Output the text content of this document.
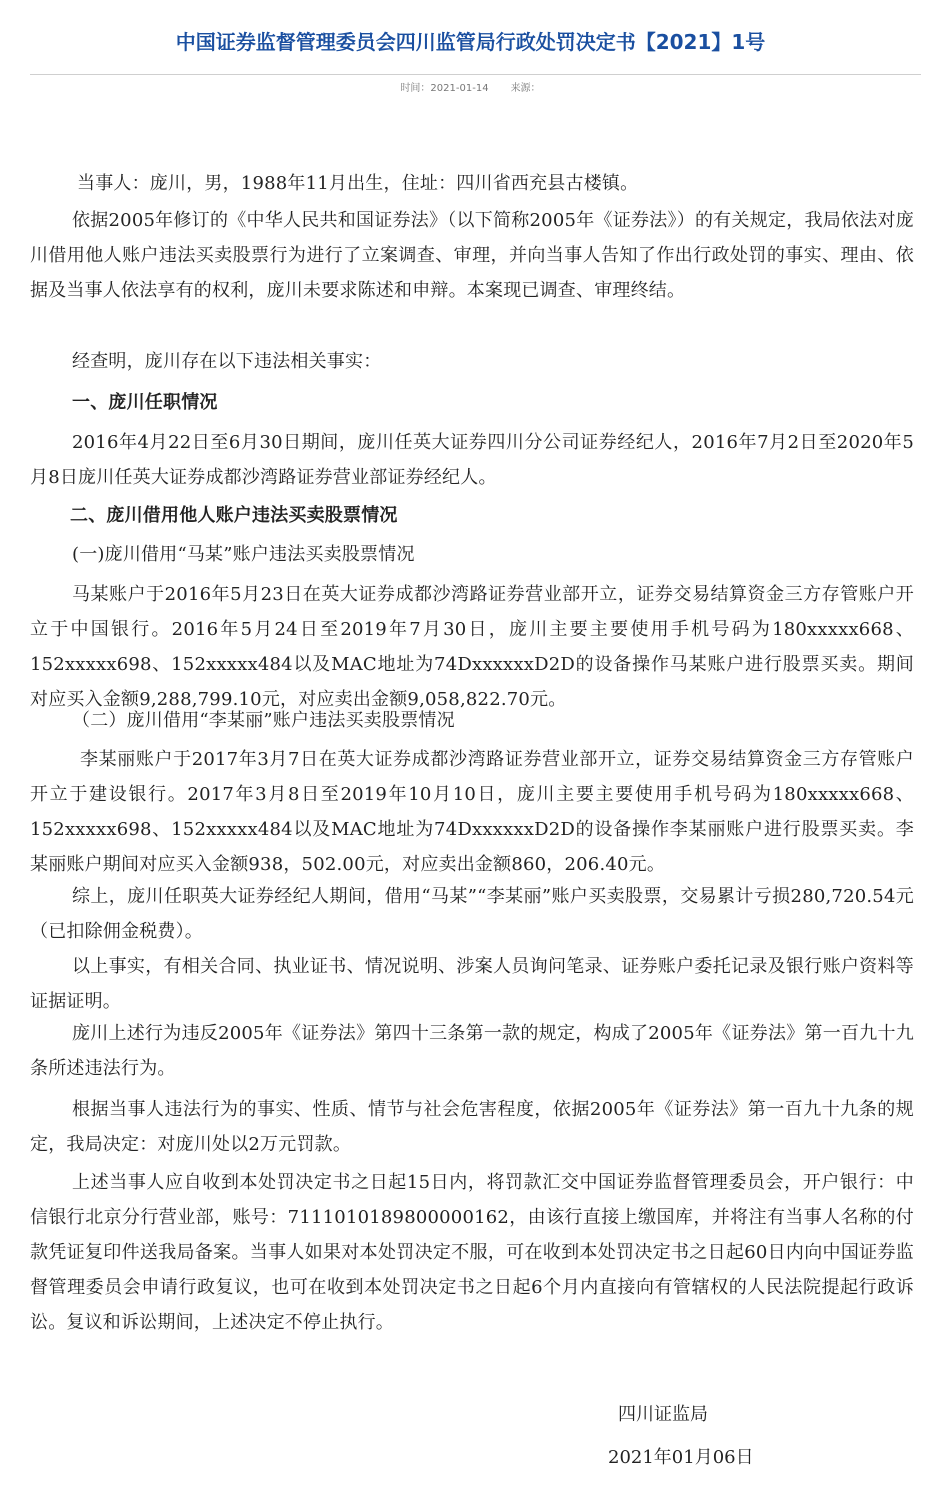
中国证券监督管理委员会四川监管局行政处罚决定书【2021】1号
时间：2021-01-14 来源：

当事人：庞川，男，1988年11月出生，住址：四川省西充县古楼镇。

依据2005年修订的《中华人民共和国证券法》（以下简称2005年《证券法》）的有关规定，我局依法对庞川借用他人账户违法买卖股票行为进行了立案调查、审理，并向当事人告知了作出行政处罚的事实、理由、依据及当事人依法享有的权利，庞川未要求陈述和申辩。本案现已调查、审理终结。

经查明，庞川存在以下违法相关事实：

一、庞川任职情况

2016年4月22日至6月30日期间，庞川任英大证券四川分公司证券经纪人，2016年7月2日至2020年5月8日庞川任英大证券成都沙湾路证券营业部证券经纪人。

二、庞川借用他人账户违法买卖股票情况

(一)庞川借用“马某”账户违法买卖股票情况

马某账户于2016年5月23日在英大证券成都沙湾路证券营业部开立，证券交易结算资金三方存管账户开立于中国银行。2016年5月24日至2019年7月30日，庞川主要主要使用手机号码为180xxxxx668、152xxxxx698、152xxxxx484以及MAC地址为74DxxxxxxD2D的设备操作马某账户进行股票买卖。期间对应买入金额9,288,799.10元，对应卖出金额9,058,822.70元。

（二）庞川借用“李某丽”账户违法买卖股票情况

李某丽账户于2017年3月7日在英大证券成都沙湾路证券营业部开立，证券交易结算资金三方存管账户开立于建设银行。2017年3月8日至2019年10月10日，庞川主要主要使用手机号码为180xxxxx668、152xxxxx698、152xxxxx484以及MAC地址为74DxxxxxxD2D的设备操作李某丽账户进行股票买卖。李某丽账户期间对应买入金额938，502.00元，对应卖出金额860，206.40元。

综上，庞川任职英大证券经纪人期间，借用“马某”“李某丽”账户买卖股票，交易累计亏损280,720.54元（已扣除佣金税费）。

以上事实，有相关合同、执业证书、情况说明、涉案人员询问笔录、证券账户委托记录及银行账户资料等证据证明。

庞川上述行为违反2005年《证券法》第四十三条第一款的规定，构成了2005年《证券法》第一百九十九条所述违法行为。

根据当事人违法行为的事实、性质、情节与社会危害程度，依据2005年《证券法》第一百九十九条的规定，我局决定：对庞川处以2万元罚款。

上述当事人应自收到本处罚决定书之日起15日内，将罚款汇交中国证券监督管理委员会，开户银行：中信银行北京分行营业部，账号：7111010189800000162，由该行直接上缴国库，并将注有当事人名称的付款凭证复印件送我局备案。当事人如果对本处罚决定不服，可在收到本处罚决定书之日起60日内向中国证券监督管理委员会申请行政复议，也可在收到本处罚决定书之日起6个月内直接向有管辖权的人民法院提起行政诉讼。复议和诉讼期间，上述决定不停止执行。

四川证监局
2021年01月06日
